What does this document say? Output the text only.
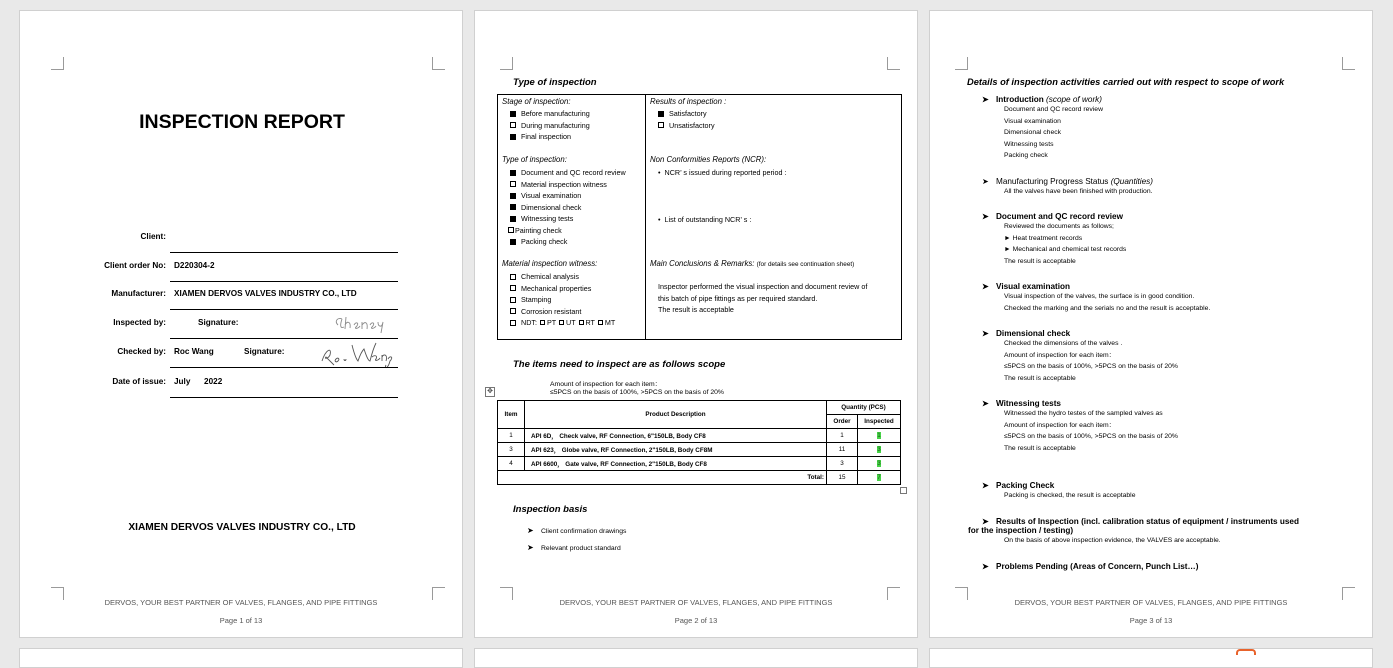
INSPECTION REPORT
Client:
Client order No: D220304-2
Manufacturer: XIAMEN DERVOS VALVES INDUSTRY CO., LTD
Inspected by:	Signature:
Checked by: Roc Wang	Signature:
Date of issue: July      2022
XIAMEN DERVOS VALVES INDUSTRY CO., LTD
DERVOS, YOUR BEST PARTNER OF VALVES, FLANGES, AND PIPE FITTINGS
Page 1 of 13
Type of inspection
Stage of inspection:
Before manufacturing
During manufacturing
Final inspection
Type of inspection:
Document and QC record review
Material inspection witness
Visual examination
Dimensional check
Witnessing tests
Painting check
Packing check
Material inspection witness:
Chemical analysis
Mechanical properties
Stamping
Corrosion resistant
NDT: PT UT RT MT
Results of inspection :
Satisfactory
Unsatisfactory
Non Conformities Reports (NCR):
•  NCR’ s issued during reported period :
•  List of outstanding NCR’ s :
Main Conclusions & Remarks: (for details see continuation sheet)
Inspector performed the visual inspection and document review of
this batch of pipe fittings as per required standard.
The result is acceptable
The items need to inspect are as follows scope
Amount of inspection for each item：
≤5PCS on the basis of 100%, >5PCS on the basis of 20%
✥
Item	Product Description	Quantity (PCS)	
		Order	Inspected
1	API 6D， Check valve, RF Connection, 6"150LB, Body CF8	1	1
3	API 623， Globe valve, RF Connection, 2"150LB, Body CF8M	11	3
4	API 6600， Gate valve, RF Connection, 2"150LB, Body CF8	3	3
Total:		15	7
Inspection basis
➤ Client confirmation drawings
➤ Relevant product standard
DERVOS, YOUR BEST PARTNER OF VALVES, FLANGES, AND PIPE FITTINGS
Page 2 of 13
Details of inspection activities carried out with respect to scope of work
➤ Introduction (scope of work)
Document and QC record review
Visual examination
Dimensional check
Witnessing tests
Packing check
➤ Manufacturing Progress Status (Quantities)
All the valves have been finished with production.
➤ Document and QC record review
Reviewed the documents as follows;
► Heat treatment records
► Mechanical and chemical test records
The result is acceptable
➤ Visual examination
Visual inspection of the valves, the surface is in good condition.
Checked the marking and the serials no and the result is acceptable.
➤ Dimensional check
Checked the dimensions of the valves .
Amount of inspection for each item：
≤5PCS on the basis of 100%, >5PCS on the basis of 20%
The result is acceptable
➤ Witnessing tests
Witnessed the hydro testes of the sampled valves as
Amount of inspection for each item：
≤5PCS on the basis of 100%, >5PCS on the basis of 20%
The result is acceptable
➤ Packing Check
Packing is checked, the result is acceptable
➤ Results of Inspection (incl. calibration status of equipment / instruments used
for the inspection / testing)
On the basis of above inspection evidence, the VALVES are acceptable.
➤ Problems Pending (Areas of Concern, Punch List…)
DERVOS, YOUR BEST PARTNER OF VALVES, FLANGES, AND PIPE FITTINGS
Page 3 of 13
